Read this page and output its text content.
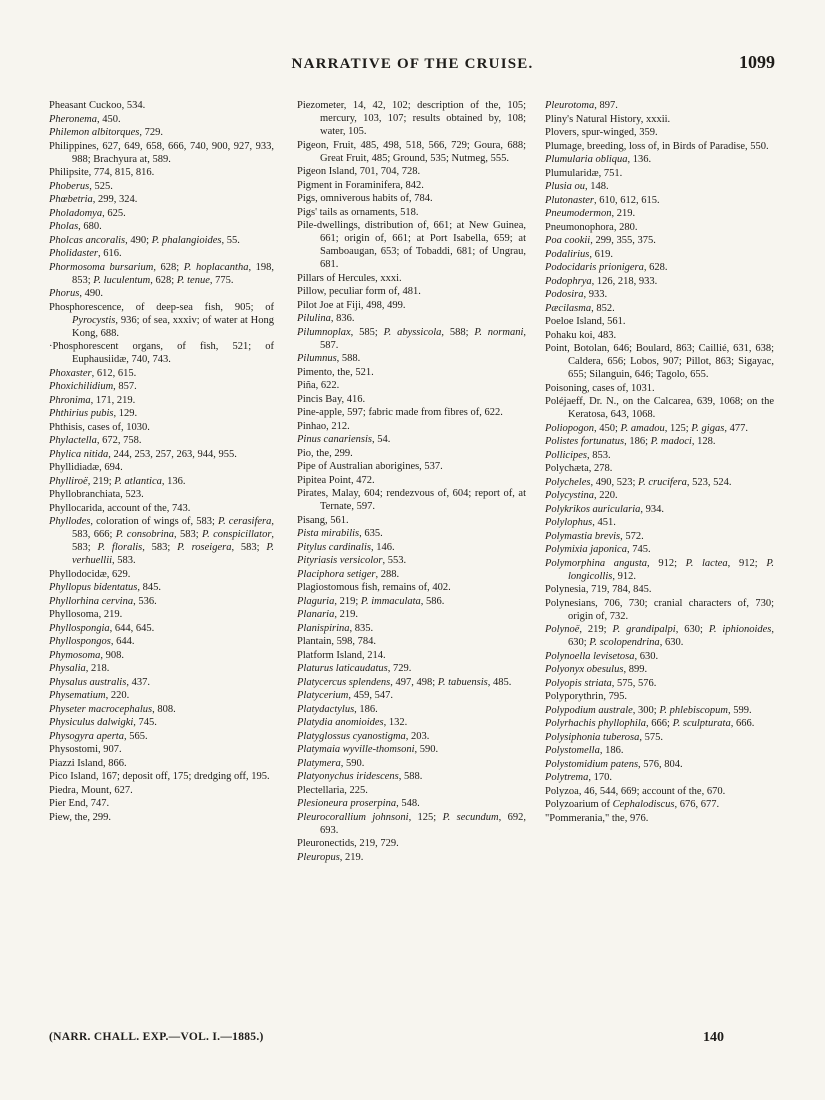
NARRATIVE OF THE CRUISE.	1099
Pheasant Cuckoo, 534.
Pheronema, 450.
Philemon albitorques, 729.
Philippines, 627, 649, 658, 666, 740, 900, 927, 933, 988; Brachyura at, 589.
Philipsite, 774, 815, 816.
Phoberus, 525.
Phœbetria, 299, 324.
Pholadomya, 625.
Pholas, 680.
Pholcas ancoralis, 490; P. phalangioides, 55.
Pholidaster, 616.
Phormosoma bursarium, 628; P. hoplacantha, 198, 853; P. luculentum, 628; P. tenue, 775.
Phorus, 490.
Phosphorescence, of deep-sea fish, 905; of Pyrocystis, 936; of sea, xxxiv; of water at Hong Kong, 688.
·Phosphorescent organs, of fish, 521; of Euphausiidæ, 740, 743.
Phoxaster, 612, 615.
Phoxichilidium, 857.
Phronima, 171, 219.
Phthirius pubis, 129.
Phthisis, cases of, 1030.
Phylactella, 672, 758.
Phylica nitida, 244, 253, 257, 263, 944, 955.
Phyllidiadæ, 694.
Phylliroë, 219; P. atlantica, 136.
Phyllobranchiata, 523.
Phyllocarida, account of the, 743.
Phyllodes, coloration of wings of, 583; P. cerasifera, 583, 666; P. consobrina, 583; P. conspicillator, 583; P. floralis, 583; P. roseigera, 583; P. verhuellii, 583.
Phyllodocidæ, 629.
Phyllopus bidentatus, 845.
Phyllorhina cervina, 536.
Phyllosoma, 219.
Phyllospongia, 644, 645.
Phyllospongos, 644.
Phymosoma, 908.
Physalia, 218.
Physalus australis, 437.
Physematium, 220.
Physeter macrocephalus, 808.
Physiculus dalwigki, 745.
Physogyra aperta, 565.
Physostomi, 907.
Piazzi Island, 866.
Pico Island, 167; deposit off, 175; dredging off, 195.
Piedra, Mount, 627.
Pier End, 747.
Piew, the, 299.
Piezometer, 14, 42, 102; description of the, 105; mercury, 103, 107; results obtained by, 108; water, 105.
Pigeon, Fruit, 485, 498, 518, 566, 729; Goura, 688; Great Fruit, 485; Ground, 535; Nutmeg, 555.
Pigeon Island, 701, 704, 728.
Pigment in Foraminifera, 842.
Pigs, omniverous habits of, 784.
Pigs' tails as ornaments, 518.
Pile-dwellings, distribution of, 661; at New Guinea, 661; origin of, 661; at Port Isabella, 659; at Samboaugan, 653; of Tobaddi, 681; of Ungrau, 681.
Pillars of Hercules, xxxi.
Pillow, peculiar form of, 481.
Pilot Joe at Fiji, 498, 499.
Pilulina, 836.
Pilumnoplax, 585; P. abyssicola, 588; P. normani, 587.
Pilumnus, 588.
Pimento, the, 521.
Piña, 622.
Pincis Bay, 416.
Pine-apple, 597; fabric made from fibres of, 622.
Pinhao, 212.
Pinus canariensis, 54.
Pio, the, 299.
Pipe of Australian aborigines, 537.
Pipitea Point, 472.
Pirates, Malay, 604; rendezvous of, 604; report of, at Ternate, 597.
Pisang, 561.
Pista mirabilis, 635.
Pitylus cardinalis, 146.
Pityriasis versicolor, 553.
Placiphora setiger, 288.
Plagiostomous fish, remains of, 402.
Plaguria, 219; P. immaculata, 586.
Planaria, 219.
Planispirina, 835.
Plantain, 598, 784.
Platform Island, 214.
Platurus laticaudatus, 729.
Platycercus splendens, 497, 498; P. tabuensis, 485.
Platycerium, 459, 547.
Platydactylus, 186.
Platydia anomioides, 132.
Platyglossus cyanostigma, 203.
Platymaia wyville-thomsoni, 590.
Platymera, 590.
Platyonychus iridescens, 588.
Plectellaria, 225.
Plesioneura proserpina, 548.
Pleurocorallium johnsoni, 125; P. secundum, 692, 693.
Pleuronectids, 219, 729.
Pleuropus, 219.
Pleurotoma, 897.
Pliny's Natural History, xxxii.
Plovers, spur-winged, 359.
Plumage, breeding, loss of, in Birds of Paradise, 550.
Plumularia obliqua, 136.
Plumularidæ, 751.
Plusia ou, 148.
Plutonaster, 610, 612, 615.
Pneumodermon, 219.
Pneumonophora, 280.
Poa cookii, 299, 355, 375.
Podalirius, 619.
Podocidaris prionigera, 628.
Podophrya, 126, 218, 933.
Podosira, 933.
Pæcilasma, 852.
Poeloe Island, 561.
Pohaku koi, 483.
Point, Botolan, 646; Boulard, 863; Caillié, 631, 638; Caldera, 656; Lobos, 907; Pillot, 863; Sigayac, 655; Silanguin, 646; Tagolo, 655.
Poisoning, cases of, 1031.
Poléjaeff, Dr. N., on the Calcarea, 639, 1068; on the Keratosa, 643, 1068.
Poliopogon, 450; P. amadou, 125; P. gigas, 477.
Polistes fortunatus, 186; P. madoci, 128.
Pollicipes, 853.
Polychæta, 278.
Polycheles, 490, 523; P. crucifera, 523, 524.
Polycystina, 220.
Polykrikos auricularia, 934.
Polylophus, 451.
Polymastia brevis, 572.
Polymixia japonica, 745.
Polymorphina angusta, 912; P. lactea, 912; P. longicollis, 912.
Polynesia, 719, 784, 845.
Polynesians, 706, 730; cranial characters of, 730; origin of, 732.
Polynoë, 219; P. grandipalpi, 630; P. iphionoides, 630; P. scolopendrina, 630.
Polynoella levisetosa, 630.
Polyonyx obesulus, 899.
Polyopis striata, 575, 576.
Polyporythrin, 795.
Polypodium australe, 300; P. phlebiscopum, 599.
Polyrhachis phyllophila, 666; P. sculpturata, 666.
Polysiphonia tuberosa, 575.
Polystomella, 186.
Polystomidium patens, 576, 804.
Polytrema, 170.
Polyzoa, 46, 544, 669; account of the, 670.
Polyzoarium of Cephalodiscus, 676, 677.
"Pommerania," the, 976.
(NARR. CHALL. EXP.—VOL. I.—1885.)	140
